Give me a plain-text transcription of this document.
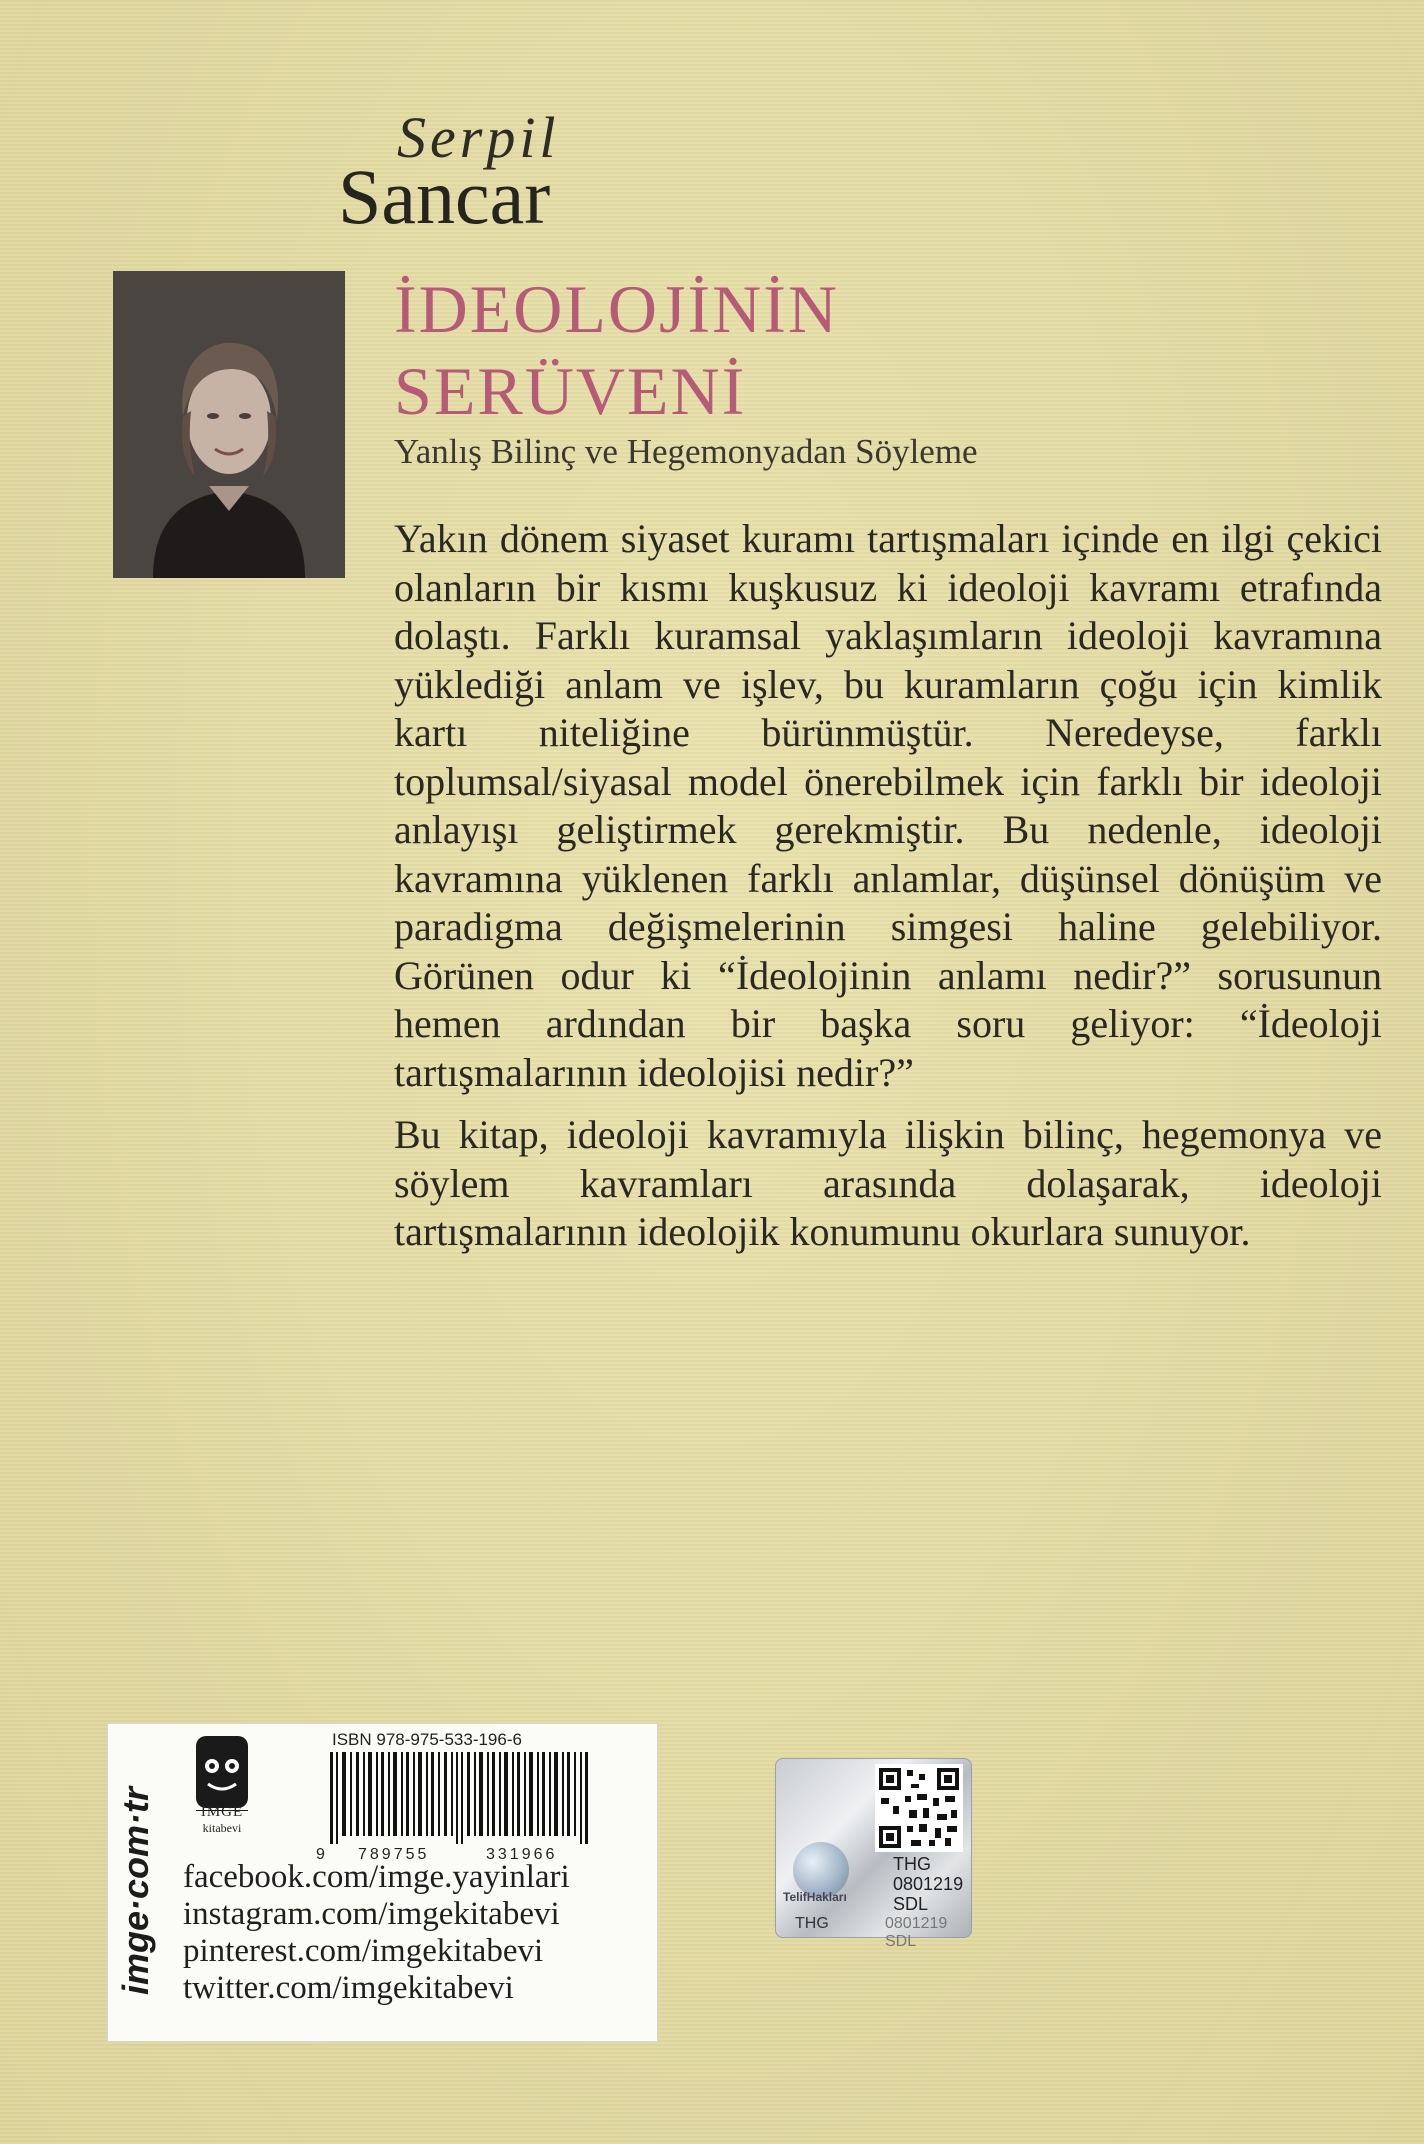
Serpil
Sancar
İDEOLOJİNİN
SERÜVENİ
Yanlış Bilinç ve Hegemonyadan Söyleme

Yakın dönem siyaset kuramı tartışmaları içinde en ilgi çekici olanların bir kısmı kuşkusuz ki ideoloji kavramı etrafında dolaştı. Farklı kuramsal yaklaşımların ideoloji kavramına yüklediği anlam ve işlev, bu kuramların çoğu için kimlik kartı niteliğine bürünmüştür. Neredeyse, farklı toplumsal/siyasal model önerebilmek için farklı bir ideoloji anlayışı geliştirmek gerekmiştir. Bu nedenle, ideoloji kavramına yüklenen farklı anlamlar, düşünsel dönüşüm ve paradigma değişmelerinin simgesi haline gelebiliyor. Görünen odur ki “İdeolojinin anlamı nedir?” sorusunun hemen ardından bir başka soru geliyor: “İdeoloji tartışmalarının ideolojisi nedir?”

Bu kitap, ideoloji kavramıyla ilişkin bilinç, hegemonya ve söylem kavramları arasında dolaşarak, ideoloji tartışmalarının ideolojik konumunu okurlara sunuyor.

imge·com·tr	İMGE
kitabevi
ISBN 978-975-533-196-6
9 789755	331966
facebook.com/imge.yayinlari
instagram.com/imgekitabevi
pinterest.com/imgekitabevi
twitter.com/imgekitabevi
TelifHakları
THG
0801219
SDL
THG	0801219 SDL
